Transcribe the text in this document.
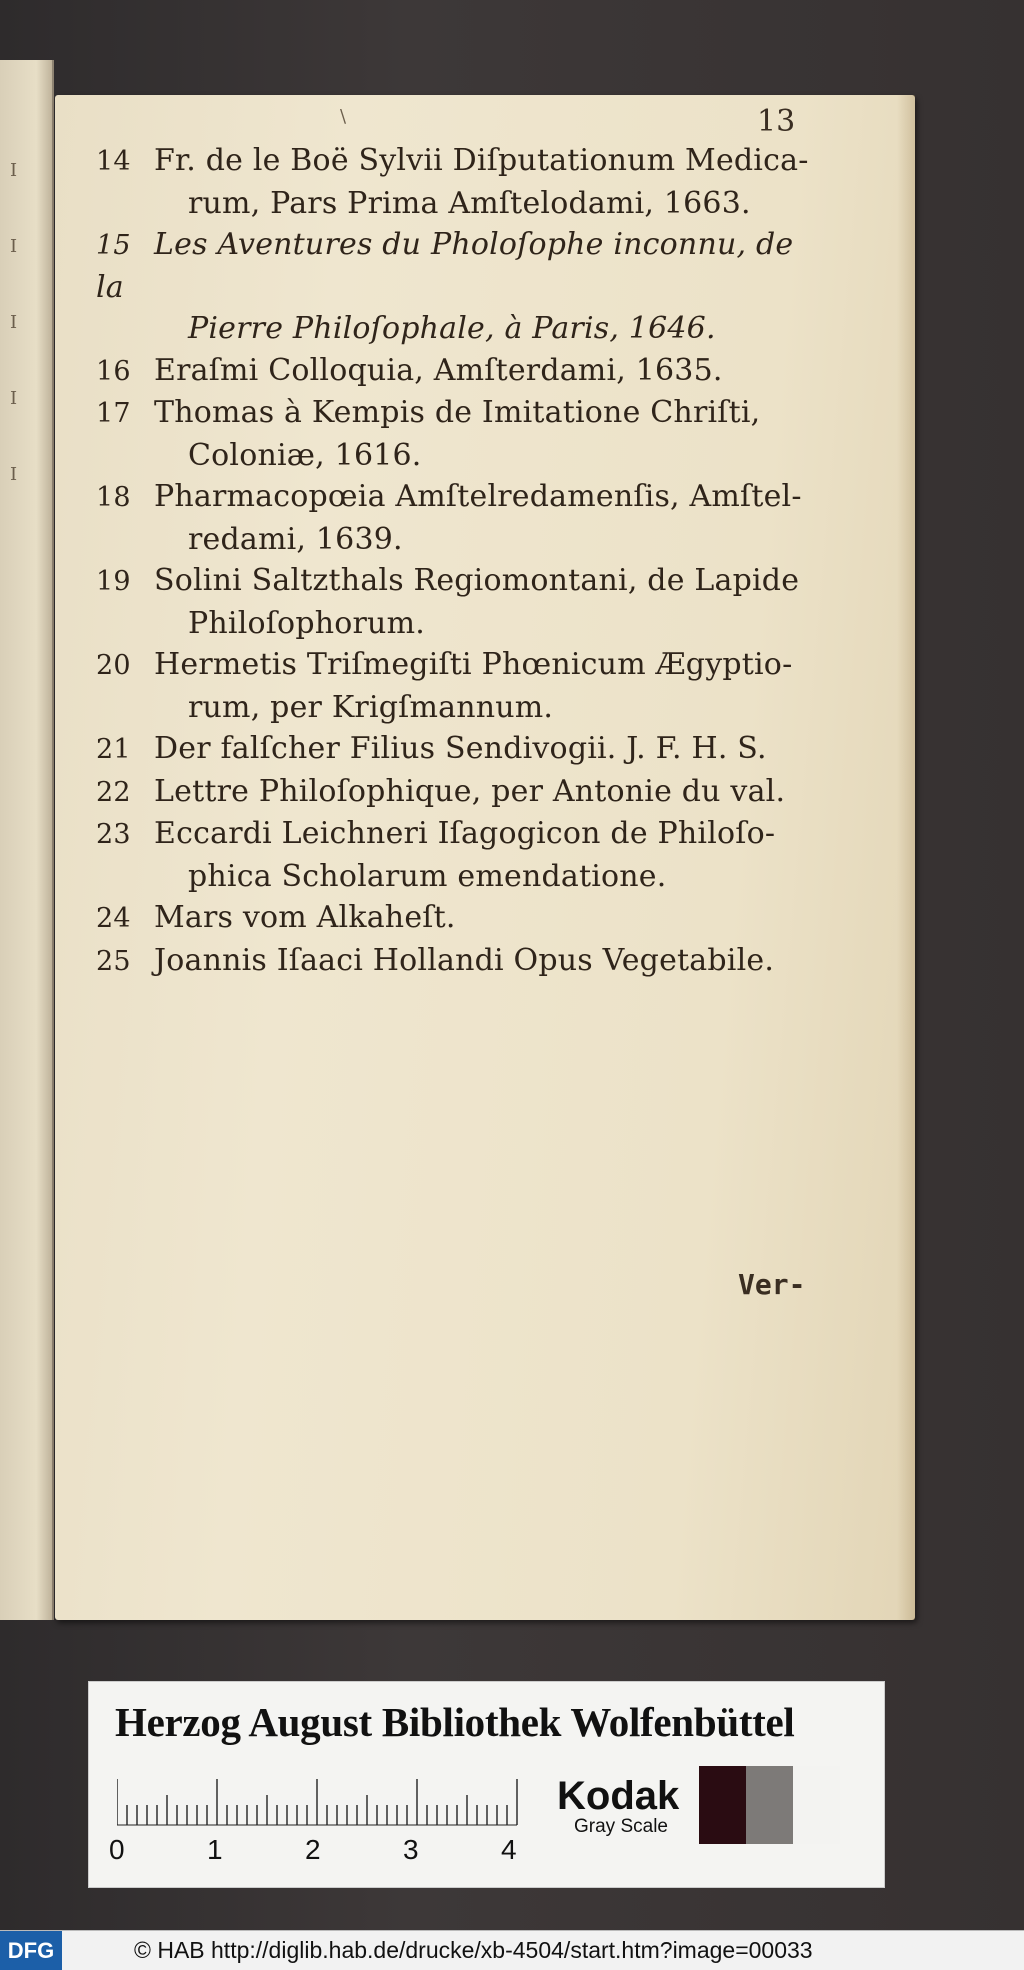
I
I
I
I
I
\	13
14 Fr. de le Boë Sylvii Diſputationum Medica-
rum, Pars Prima Amſtelodami, 1663.
15 Les Aventures du Pholoſophe inconnu, de la
Pierre Philoſophale, à Paris, 1646.
16 Eraſmi Colloquia, Amſterdami, 1635.
17 Thomas à Kempis de Imitatione Chriſti,
Coloniæ, 1616.
18 Pharmacopœia Amſtelredamenſis, Amſtel-
redami, 1639.
19 Solini Saltzthals Regiomontani, de Lapide
Philoſophorum.
20 Hermetis Triſmegiſti Phœnicum Ægyptio-
rum, per Krigſmannum.
21 Der falſcher Filius Sendivogii. J. F. H. S.
22 Lettre Philoſophique, per Antonie du val.
23 Eccardi Leichneri Iſagogicon de Philoſo-
phica Scholarum emendatione.
24 Mars vom Alkaheſt.
25 Joannis Iſaaci Hollandi Opus Vegetabile.
Ver-
Herzog August Bibliothek Wolfenbüttel
0	1	2	3	4
Kodak
Gray Scale
DFG	© HAB http://diglib.hab.de/drucke/xb-4504/start.htm?image=00033
